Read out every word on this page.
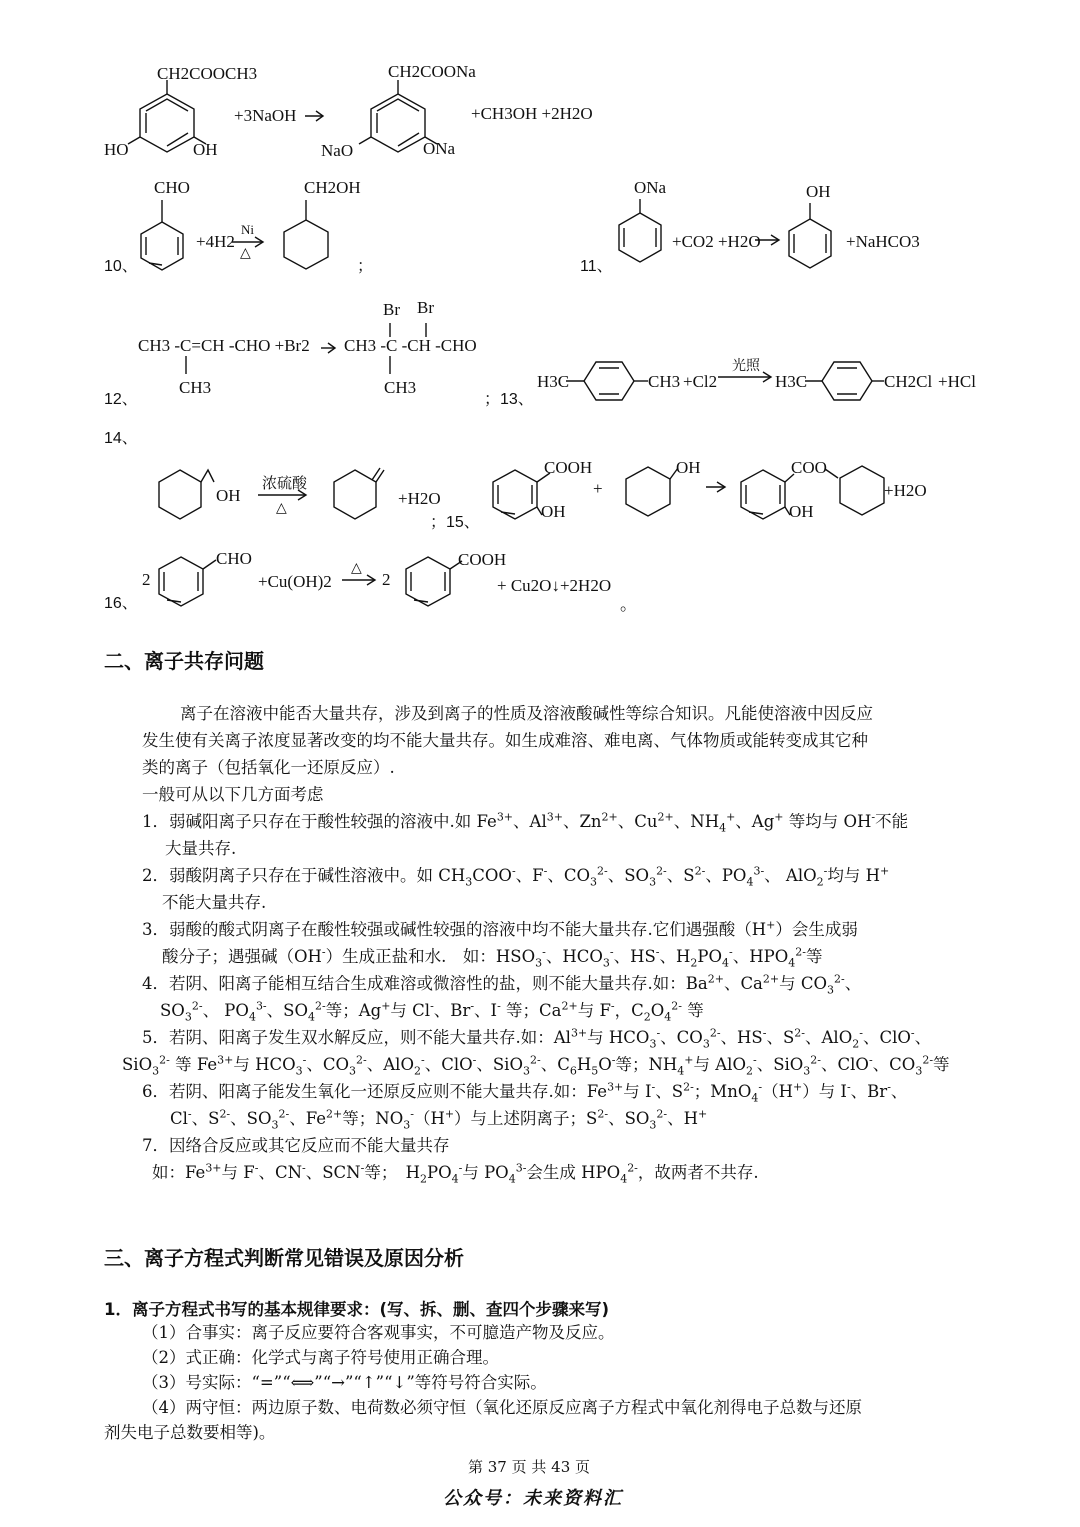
CH2COOCH3
HO	OH
+3NaOH
CH2COONa
NaO	ONa
+CH3OH +2H2O
10、
CHO
+4H2
Ni
△
CH2OH
；	11、
ONa
+CO2 +H2O
OH
+NaHCO3
12、
CH3 -C=CH -CHO +Br2
CH3
CH3 -C -CH -CHO
Br Br
CH3
；13、
H3C	CH3 +Cl2
光照
H3C	CH2Cl +HCl
14、
OH
浓硫酸
△
+H2O
；15、
COOH
OH
+
OH	COO
OH
+H2O
16、
2
CHO
+Cu(OH)2
△
2
COOH
+ Cu2O↓+2H2O
。
二、离子共存问题
离子在溶液中能否大量共存，涉及到离子的性质及溶液酸碱性等综合知识。凡能使溶液中因反应
发生使有关离子浓度显著改变的均不能大量共存。如生成难溶、难电离、气体物质或能转变成其它种
类的离子（包括氧化一还原反应）.
一般可从以下几方面考虑
1．弱碱阳离子只存在于酸性较强的溶液中.如 $Fe^{3+}$、$Al^{3+}$、$Zn^{2+}$、$Cu^{2+}$、$NH_4^+$、Ag+ 等均与 OH-不能
大量共存.
2．弱酸阴离子只存在于碱性溶液中。如 $CH_3COO^-$、F-、$CO_3^{2-}$、$SO_3^{2-}$、$S^{2-}$、$PO_4^{3-}$、 AlO$_2$-均与 H+
不能大量共存.
3．弱酸的酸式阴离子在酸性较强或碱性较强的溶液中均不能大量共存.它们遇强酸（H+）会生成弱
酸分子；遇强碱（OH-）生成正盐和水.　如：$HSO_3^-$、$HCO_3^-$、HS-、$H_2PO_4^-$、$HPO_4^{2-}$等
4．若阴、阳离子能相互结合生成难溶或微溶性的盐，则不能大量共存.如：$Ba^{2+}$、$Ca^{2+}$与 $CO_3^{2-}$、
$SO_3^{2-}$、 $PO_4^{3-}$、$SO_4^{2-}$等；Ag+与 Cl-、Br-、I- 等；$Ca^{2+}$与 F-，$C_2O_4^{2-}$ 等
5．若阴、阳离子发生双水解反应，则不能大量共存.如：$Al^{3+}$与 $HCO_3^-$、$CO_3^{2-}$、HS-、$S^{2-}$、AlO$_2$-、ClO-、
SiO$_3^{2-}$ 等 $Fe^{3+}$与 $HCO_3^-$、$CO_3^{2-}$、AlO$_2$-、ClO-、SiO$_3^{2-}$、$C_6H_5O^-$等；$NH_4^+$与 AlO$_2$-、SiO$_3^{2-}$、ClO-、$CO_3^{2-}$等
6．若阴、阳离子能发生氧化一还原反应则不能大量共存.如：$Fe^{3+}$与 I-、$S^{2-}$；MnO$_4$-（H+）与 I-、Br-、
Cl-、$S^{2-}$、$SO_3^{2-}$、$Fe^{2+}$等；$NO_3^-(H^+)$与上述阴离子；$S^{2-}$、$SO_3^{2-}$、H+
7．因络合反应或其它反应而不能大量共存
如：$Fe^{3+}$与 F-、CN-、SCN-等；　$H_2PO_4^-$与 $PO_4^{3-}$会生成 $HPO_4^{2-}$，故两者不共存.
三、离子方程式判断常见错误及原因分析
1．离子方程式书写的基本规律要求：(写、拆、删、查四个步骤来写)
（1）合事实：离子反应要符合客观事实，不可臆造产物及反应。
（2）式正确：化学式与离子符号使用正确合理。
（3）号实际：“=”“⟺”“→”“↑”“↓”等符号符合实际。
（4）两守恒：两边原子数、电荷数必须守恒（氧化还原反应离子方程式中氧化剂得电子总数与还原
剂失电子总数要相等)。
第 37 页 共 43 页
公众号：未来资料汇
